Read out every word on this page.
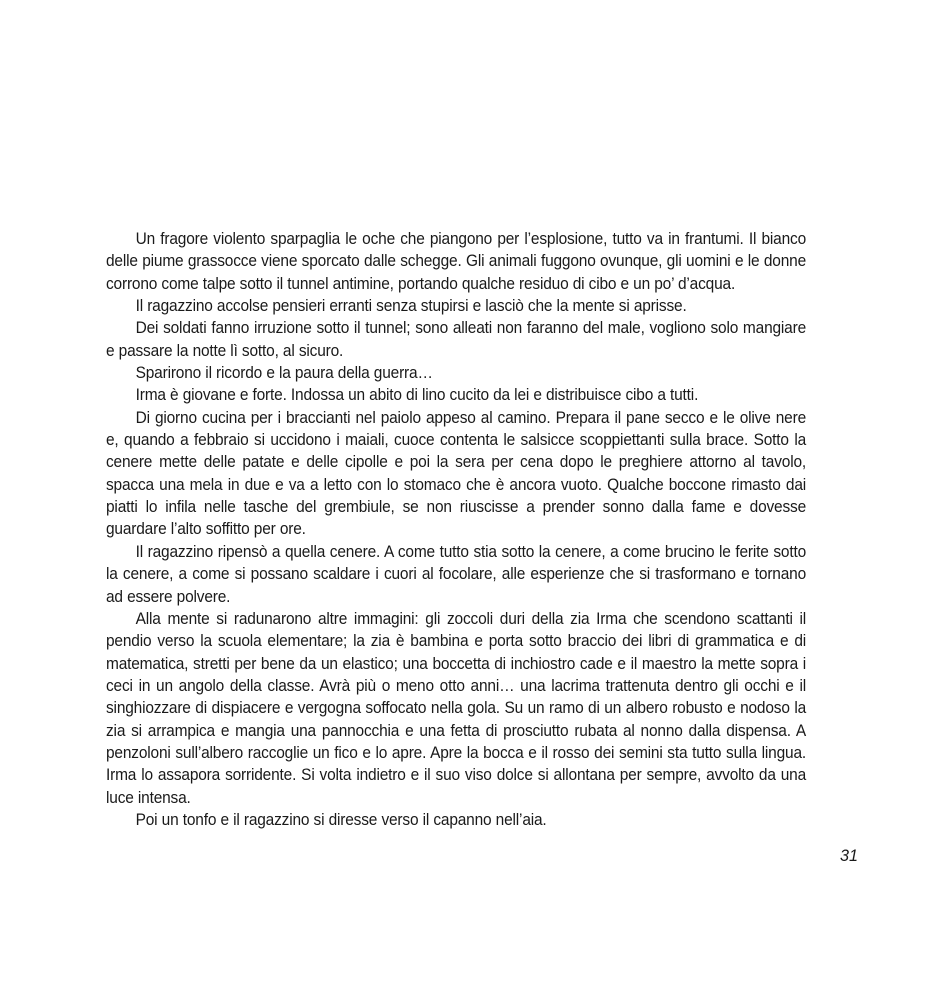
Un fragore violento sparpaglia le oche che piangono per l’esplosione, tutto va in frantumi. Il bianco delle piume grassocce viene sporcato dalle schegge. Gli animali fuggono ovunque, gli uomini e le donne corrono come talpe sotto il tunnel antimine, portando qualche residuo di cibo e un po’ d’acqua.

Il ragazzino accolse pensieri erranti senza stupirsi e lasciò che la mente si aprisse.

Dei soldati fanno irruzione sotto il tunnel; sono alleati non faranno del male, vogliono solo mangiare e passare la notte lì sotto, al sicuro.

Sparirono il ricordo e la paura della guerra…

Irma è giovane e forte. Indossa un abito di lino cucito da lei e distribuisce cibo a tutti.

Di giorno cucina per i braccianti nel paiolo appeso al camino. Prepara il pane secco e le olive nere e, quando a febbraio si uccidono i maiali, cuoce contenta le salsicce scoppiettanti sulla brace. Sotto la cenere mette delle patate e delle cipolle e poi la sera per cena dopo le preghiere attorno al tavolo, spacca una mela in due e va a letto con lo stomaco che è ancora vuoto. Qualche boccone rimasto dai piatti lo infila nelle tasche del grembiule, se non riuscisse a prender sonno dalla fame e dovesse guardare l’alto soffitto per ore.

Il ragazzino ripensò a quella cenere. A come tutto stia sotto la cenere, a come brucino le ferite sotto la cenere, a come si possano scaldare i cuori al focolare, alle esperienze che si trasformano e tornano ad essere polvere.

Alla mente si radunarono altre immagini: gli zoccoli duri della zia Irma che scendono scattanti il pendio verso la scuola elementare; la zia è bambina e porta sotto braccio dei libri di grammatica e di matematica, stretti per bene da un elastico; una boccetta di inchiostro cade e il maestro la mette sopra i ceci in un angolo della classe. Avrà più o meno otto anni… una lacrima trattenuta dentro gli occhi e il singhiozzare di dispiacere e vergogna soffocato nella gola. Su un ramo di un albero robusto e nodoso la zia si arrampica e mangia una pannocchia e una fetta di prosciutto rubata al nonno dalla dispensa. A penzoloni sull’albero raccoglie un fico e lo apre. Apre la bocca e il rosso dei semini sta tutto sulla lingua. Irma lo assapora sorridente. Si volta indietro e il suo viso dolce si allontana per sempre, avvolto da una luce intensa.

Poi un tonfo e il ragazzino si diresse verso il capanno nell’aia.

31
